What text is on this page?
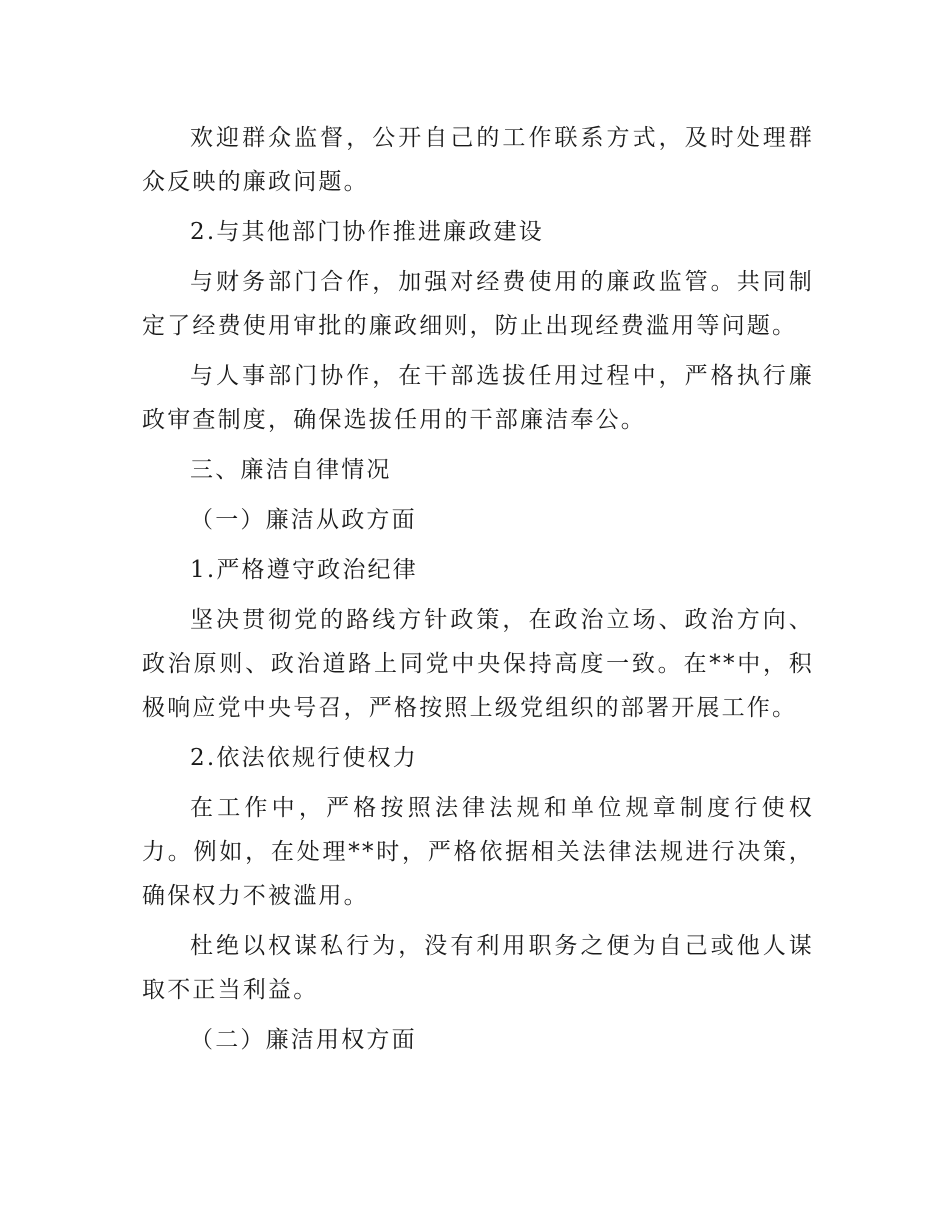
欢迎群众监督，公开自己的工作联系方式，及时处理群众反映的廉政问题。

2.与其他部门协作推进廉政建设

与财务部门合作，加强对经费使用的廉政监管。共同制定了经费使用审批的廉政细则，防止出现经费滥用等问题。

与人事部门协作，在干部选拔任用过程中，严格执行廉政审查制度，确保选拔任用的干部廉洁奉公。

三、廉洁自律情况

（一）廉洁从政方面

1.严格遵守政治纪律

坚决贯彻党的路线方针政策，在政治立场、政治方向、政治原则、政治道路上同党中央保持高度一致。在**中，积极响应党中央号召，严格按照上级党组织的部署开展工作。

2.依法依规行使权力

在工作中，严格按照法律法规和单位规章制度行使权力。例如，在处理**时，严格依据相关法律法规进行决策，确保权力不被滥用。

杜绝以权谋私行为，没有利用职务之便为自己或他人谋取不正当利益。

（二）廉洁用权方面
